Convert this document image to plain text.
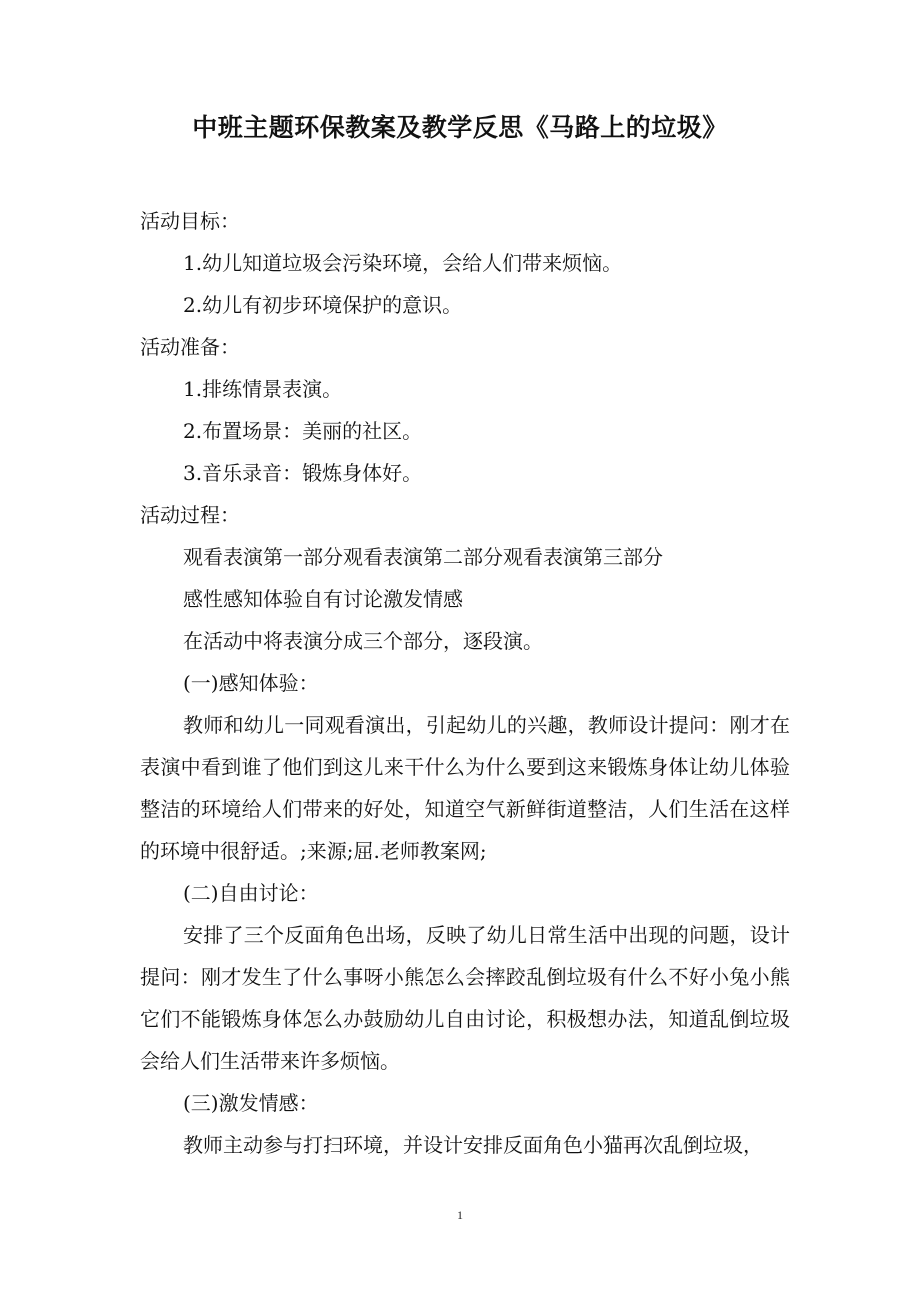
中班主题环保教案及教学反思《马路上的垃圾》

活动目标：

1.幼儿知道垃圾会污染环境，会给人们带来烦恼。

2.幼儿有初步环境保护的意识。

活动准备：

1.排练情景表演。

2.布置场景：美丽的社区。

3.音乐录音：锻炼身体好。

活动过程：

观看表演第一部分观看表演第二部分观看表演第三部分

感性感知体验自有讨论激发情感

在活动中将表演分成三个部分，逐段演。

(一)感知体验：

教师和幼儿一同观看演出，引起幼儿的兴趣，教师设计提问：刚才在表演中看到谁了他们到这儿来干什么为什么要到这来锻炼身体让幼儿体验整洁的环境给人们带来的好处，知道空气新鲜街道整洁，人们生活在这样的环境中很舒适。;来源;屈.老师教案网;

(二)自由讨论：

安排了三个反面角色出场，反映了幼儿日常生活中出现的问题，设计提问：刚才发生了什么事呀小熊怎么会摔跤乱倒垃圾有什么不好小兔小熊它们不能锻炼身体怎么办鼓励幼儿自由讨论，积极想办法，知道乱倒垃圾会给人们生活带来许多烦恼。

(三)激发情感：

教师主动参与打扫环境，并设计安排反面角色小猫再次乱倒垃圾，

1
